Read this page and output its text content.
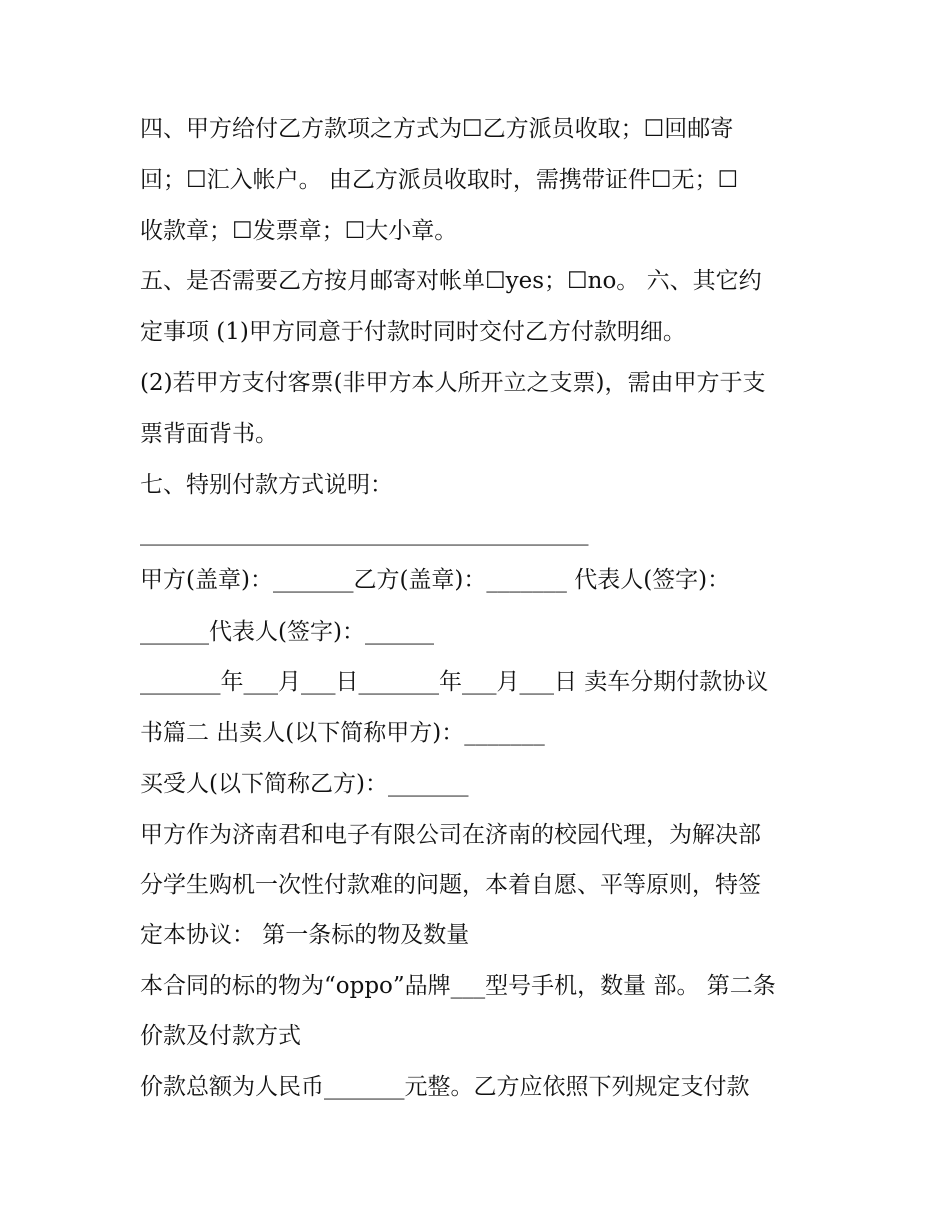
四、甲方给付乙方款项之方式为☐乙方派员收取；☐回邮寄
回；☐汇入帐户。 由乙方派员收取时，需携带证件☐无；☐
收款章；☐发票章；☐大小章。
五、是否需要乙方按月邮寄对帐单☐yes；☐no。 六、其它约
定事项 (1)甲方同意于付款时同时交付乙方付款明细。
(2)若甲方支付客票(非甲方本人所开立之支票)，需由甲方于支
票背面背书。
七、特别付款方式说明：
_______________________________________
甲方(盖章)：_______乙方(盖章)：_______ 代表人(签字)：
______代表人(签字)：______
_______年___月___日_______年___月___日 卖车分期付款协议
书篇二 出卖人(以下简称甲方)：_______
买受人(以下简称乙方)：_______
甲方作为济南君和电子有限公司在济南的校园代理，为解决部
分学生购机一次性付款难的问题，本着自愿、平等原则，特签
定本协议： 第一条标的物及数量
本合同的标的物为“oppo”品牌___型号手机，数量 部。 第二条
价款及付款方式
价款总额为人民币_______元整。乙方应依照下列规定支付款
